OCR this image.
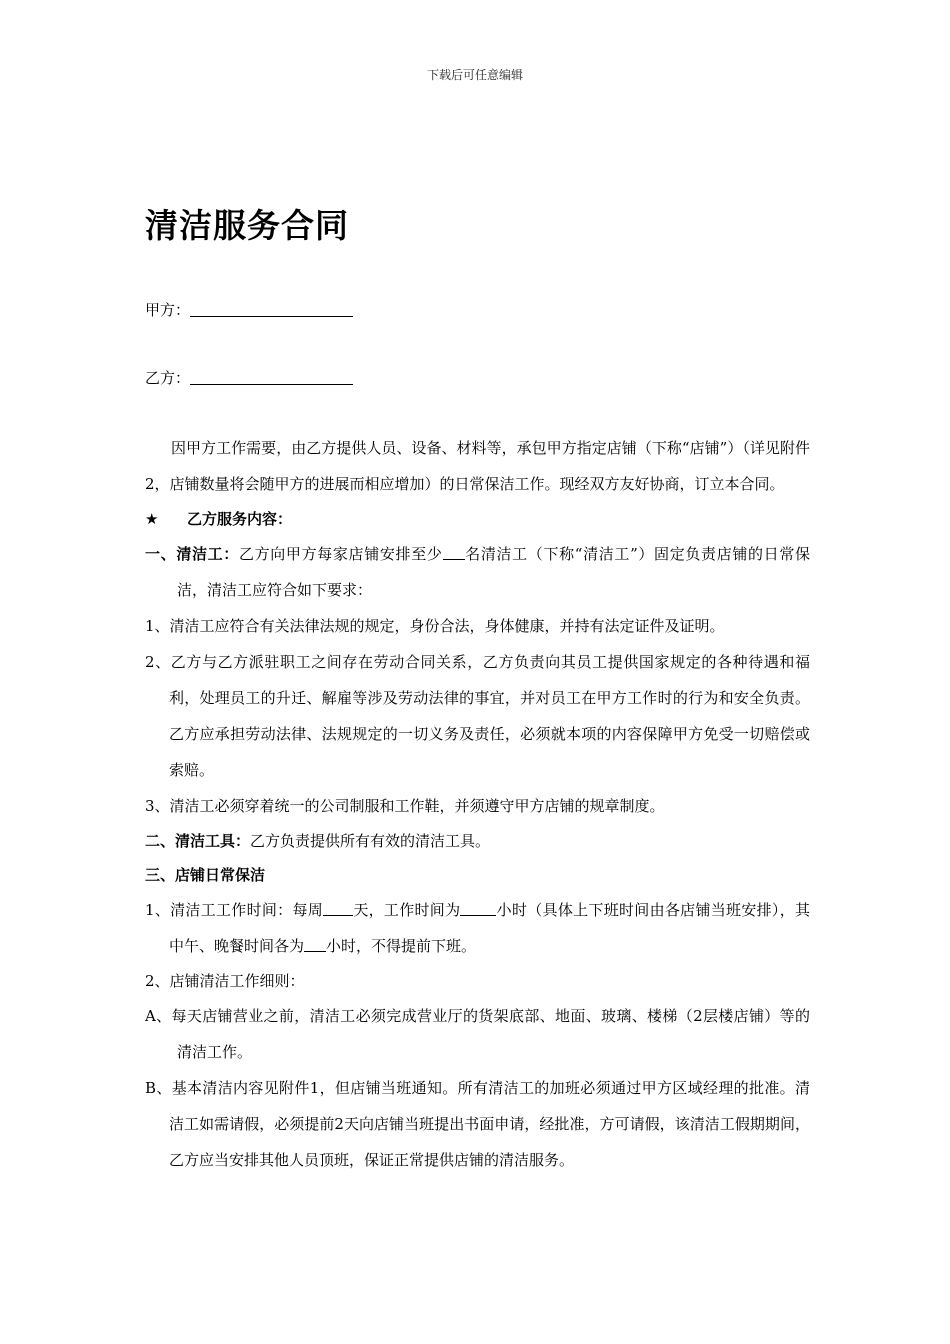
下载后可任意编辑
清洁服务合同
甲方：
乙方：

因甲方工作需要，由乙方提供人员、设备、材料等，承包甲方指定店铺（下称“店铺”）（详见附件2，店铺数量将会随甲方的进展而相应增加）的日常保洁工作。现经双方友好协商，订立本合同。

★ 乙方服务内容：

一、清洁工：乙方向甲方每家店铺安排至少 名清洁工（下称“清洁工”）固定负责店铺的日常保洁，清洁工应符合如下要求：

1、清洁工应符合有关法律法规的规定，身份合法，身体健康，并持有法定证件及证明。

2、乙方与乙方派驻职工之间存在劳动合同关系，乙方负责向其员工提供国家规定的各种待遇和福利，处理员工的升迁、解雇等涉及劳动法律的事宜，并对员工在甲方工作时的行为和安全负责。乙方应承担劳动法律、法规规定的一切义务及责任，必须就本项的内容保障甲方免受一切赔偿或索赔。

3、清洁工必须穿着统一的公司制服和工作鞋，并须遵守甲方店铺的规章制度。

二、清洁工具：乙方负责提供所有有效的清洁工具。

三、店铺日常保洁

1、清洁工工作时间：每周 天，工作时间为 小时（具体上下班时间由各店铺当班安排），其中午、晚餐时间各为 小时，不得提前下班。

2、店铺清洁工作细则：

A、每天店铺营业之前，清洁工必须完成营业厅的货架底部、地面、玻璃、楼梯（2层楼店铺）等的清洁工作。

B、基本清洁内容见附件1，但店铺当班通知。所有清洁工的加班必须通过甲方区域经理的批准。清洁工如需请假，必须提前2天向店铺当班提出书面申请，经批准，方可请假，该清洁工假期期间，乙方应当安排其他人员顶班，保证正常提供店铺的清洁服务。
